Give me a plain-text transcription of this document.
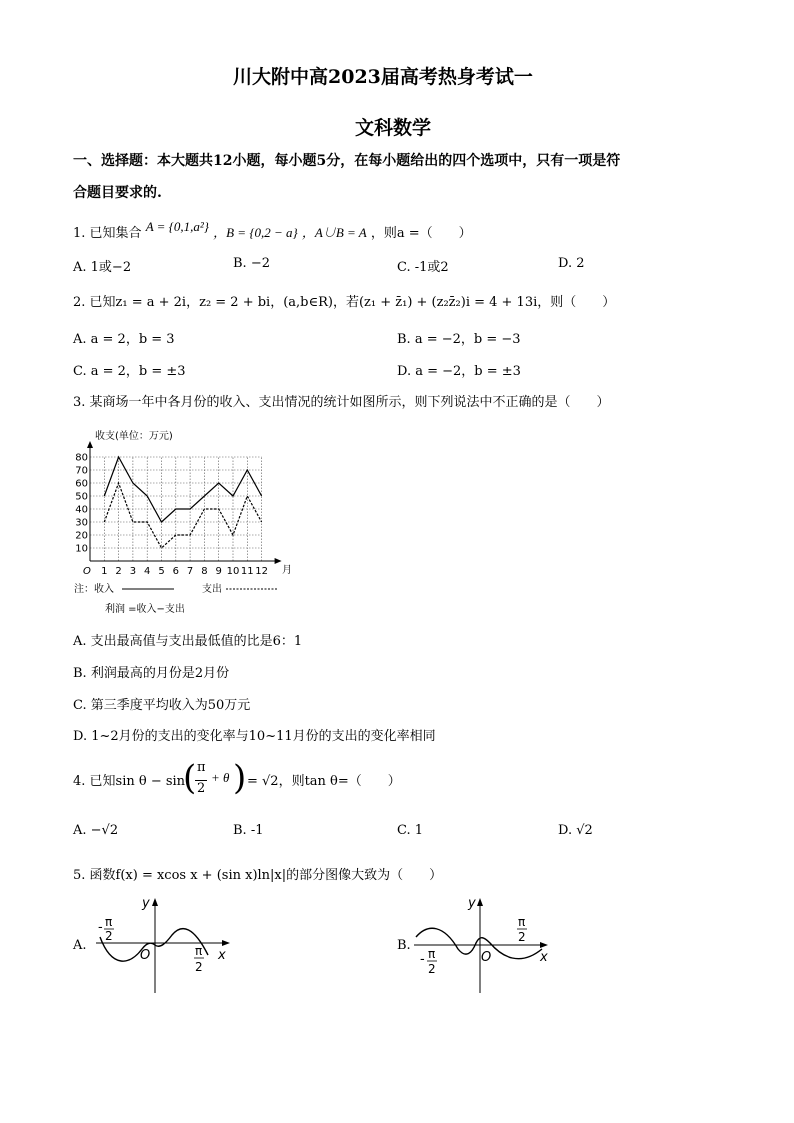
川大附中高2023届高考热身考试一
文科数学
一、选择题：本大题共12小题，每小题5分，在每小题给出的四个选项中，只有一项是符
合题目要求的.
1. 已知集合 A = {0,1,a²} ，B = {0,2 − a} ，A∪B = A ，则a =（　　）
A. 1或−2	B. −2	C. -1或2	D. 2
2. 已知z₁ = a + 2i，z₂ = 2 + bi，(a,b∈R)，若(z₁ + z̄₁) + (z₂z̄₂)i = 4 + 13i，则（　　）
A. a = 2，b = 3	B. a = −2，b = −3
C. a = 2，b = ±3	D. a = −2，b = ±3
3. 某商场一年中各月份的收入、支出情况的统计如图所示，则下列说法中不正确的是（　　）
10
20
30
40
50
60
70
80
1 2 3 4 5 6 7 8 9 10 11 12
收支(单位：万元)
月
O
注：收入	支出
利润 =收入−支出
A. 支出最高值与支出最低值的比是6：1
B. 利润最高的月份是2月份
C. 第三季度平均收入为50万元
D. 1~2月份的支出的变化率与10~11月份的支出的变化率相同
4. 已知sin θ − sin
( π
2
+ θ ) = √2，则tan θ=（　　）
A. −√2	B. -1	C. 1	D. √2
5. 函数f(x) = xcos x + (sin x)ln|x|的部分图像大致为（　　）
A.
y
x
O
- π
2
π
2
B.
y
x
O
- π
2
π
2
